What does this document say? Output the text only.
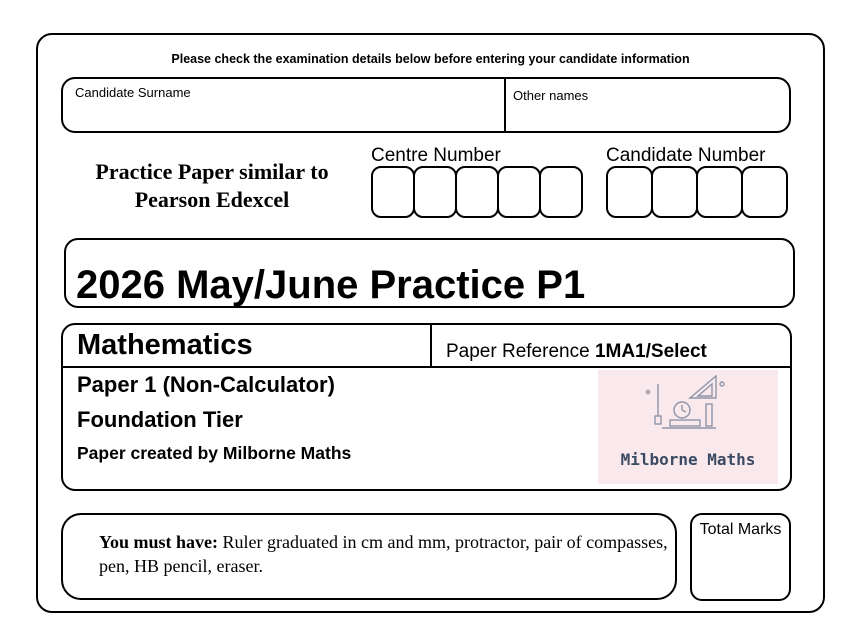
Please check the examination details below before entering your candidate information
Candidate Surname	Other names
Practice Paper similar to
Pearson Edexcel
Centre Number	Candidate Number
2026 May/June Practice P1
Mathematics	Paper Reference 1MA1/Select
Paper 1 (Non-Calculator)
Foundation Tier
Paper created by Milborne Maths	Milborne Maths
You must have: Ruler graduated in cm and mm, protractor, pair of compasses, pen, HB pencil, eraser.
Total Marks
